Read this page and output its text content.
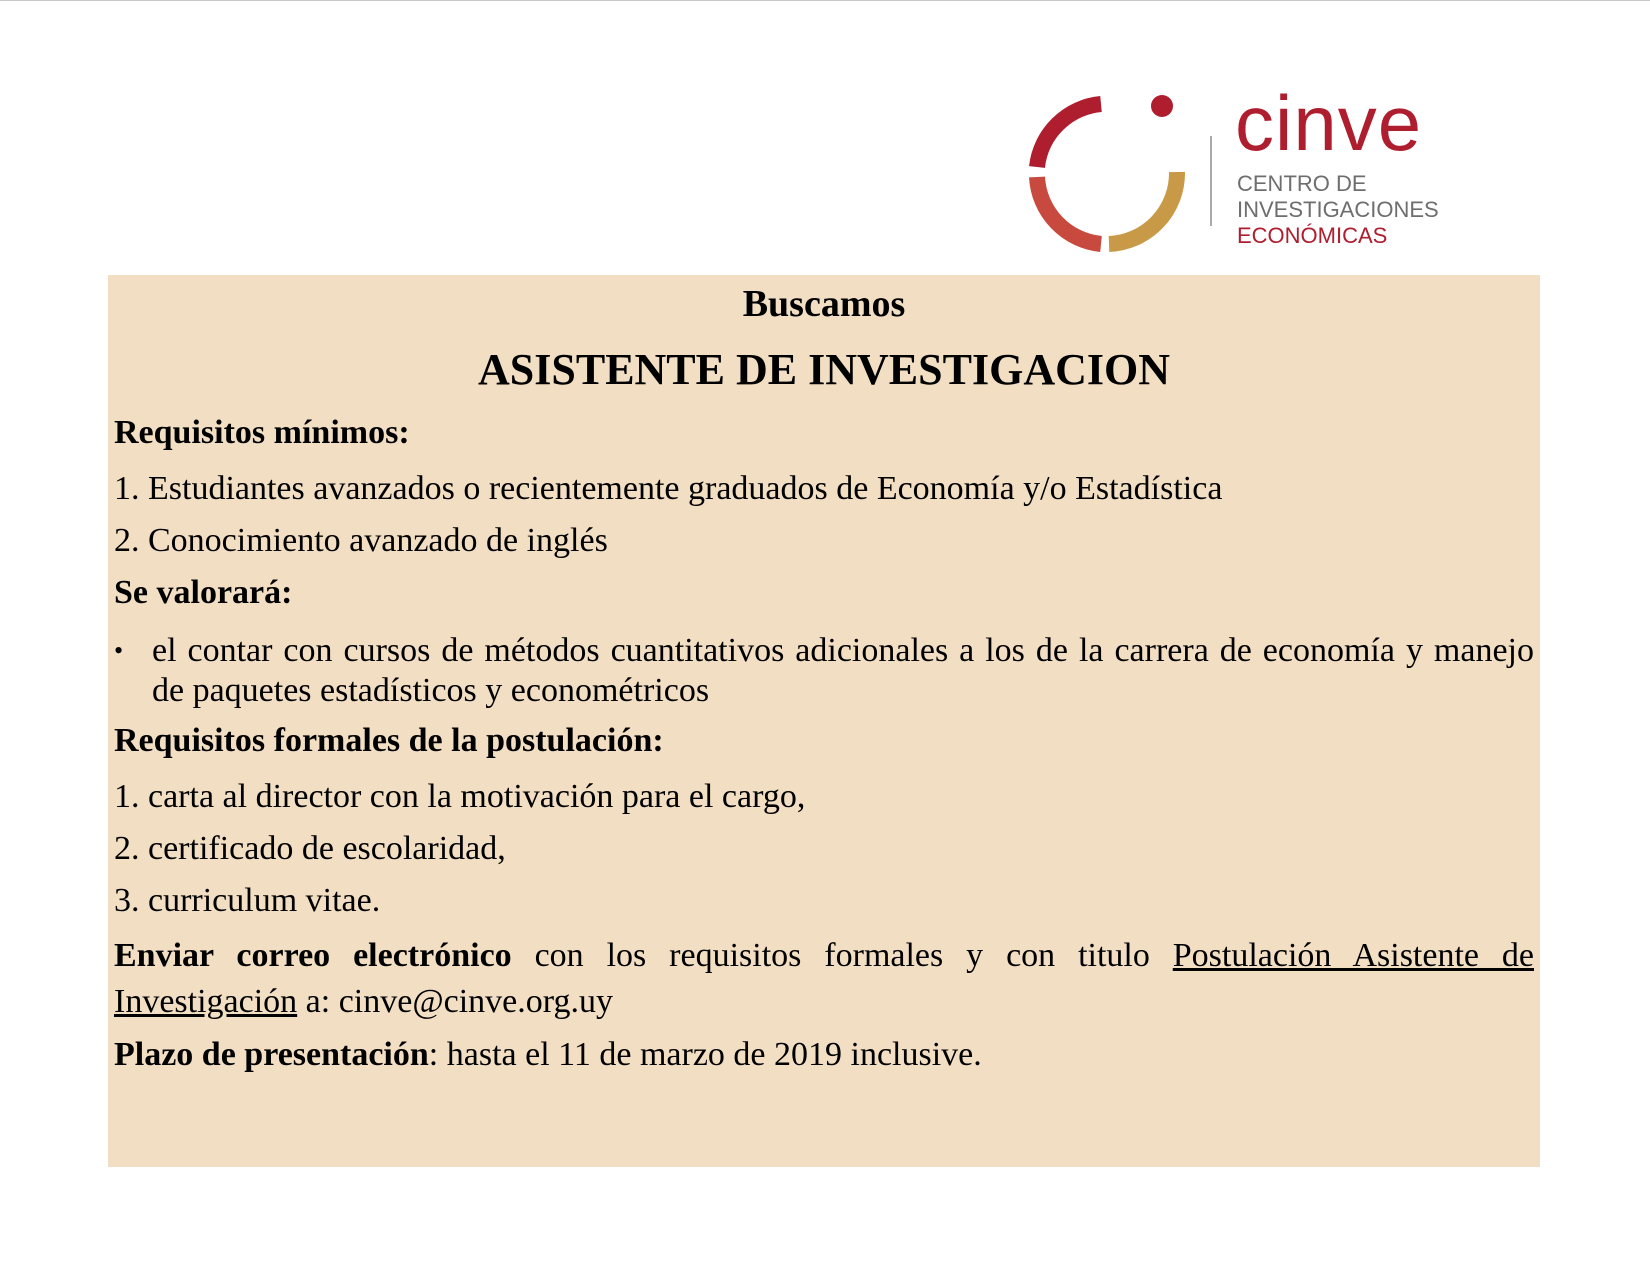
cinve
CENTRO DE
INVESTIGACIONES
ECONÓMICAS
Buscamos
ASISTENTE DE INVESTIGACION
Requisitos mínimos:
1. Estudiantes avanzados o recientemente graduados de Economía y/o Estadística
2. Conocimiento avanzado de inglés
Se valorará:
• el contar con cursos de métodos cuantitativos adicionales a los de la carrera de economía y manejo de paquetes estadísticos y econométricos
Requisitos formales de la postulación:
1. carta al director con la motivación para el cargo,
2. certificado de escolaridad,
3. curriculum vitae.
Enviar correo electrónico con los requisitos formales y con titulo Postulación Asistente de Investigación a: cinve@cinve.org.uy
Plazo de presentación: hasta el 11 de marzo de 2019 inclusive.
